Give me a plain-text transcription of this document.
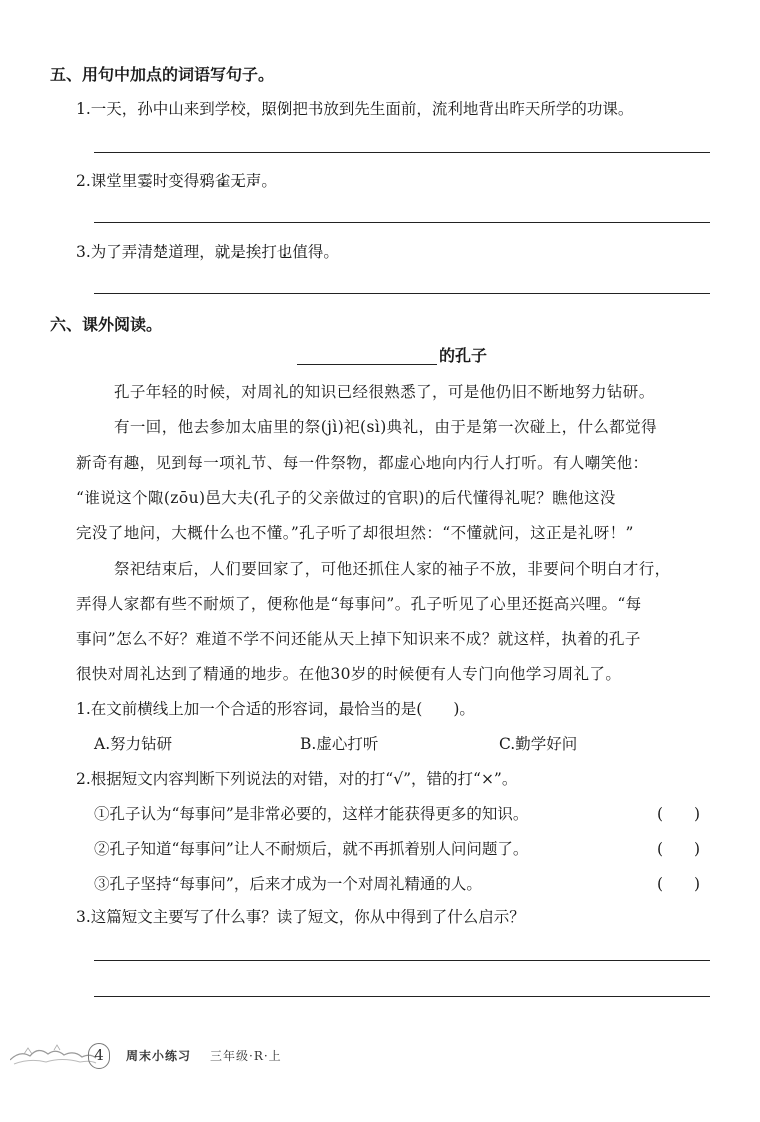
五、用句中加点的词语写句子。
1.一天，孙中山来到学校，照例把书放到先生面前，流利地背出昨天所学的功课。
2.课堂里霎时变得鸦雀无声。
3.为了弄清楚道理，就是挨打也值得。
六、课外阅读。
的孔子
孔子年轻的时候，对周礼的知识已经很熟悉了，可是他仍旧不断地努力钻研。
有一回，他去参加太庙里的祭(jì)祀(sì)典礼，由于是第一次碰上，什么都觉得
新奇有趣，见到每一项礼节、每一件祭物，都虚心地向内行人打听。有人嘲笑他：
“谁说这个陬(zōu)邑大夫(孔子的父亲做过的官职)的后代懂得礼呢？瞧他这没
完没了地问，大概什么也不懂。”孔子听了却很坦然：“不懂就问，这正是礼呀！”
祭祀结束后，人们要回家了，可他还抓住人家的袖子不放，非要问个明白才行，
弄得人家都有些不耐烦了，便称他是“每事问”。孔子听见了心里还挺高兴哩。“每
事问”怎么不好？难道不学不问还能从天上掉下知识来不成？就这样，执着的孔子
很快对周礼达到了精通的地步。在他30岁的时候便有人专门向他学习周礼了。
1.在文前横线上加一个合适的形容词，最恰当的是(　　)。
A.努力钻研	B.虚心打听	C.勤学好问
2.根据短文内容判断下列说法的对错，对的打“√”，错的打“×”。
①孔子认为“每事问”是非常必要的，这样才能获得更多的知识。	(　　)
②孔子知道“每事问”让人不耐烦后，就不再抓着别人问问题了。	(　　)
③孔子坚持“每事问”，后来才成为一个对周礼精通的人。	(　　)
3.这篇短文主要写了什么事？读了短文，你从中得到了什么启示？
4	周末小练习 三年级·R·上
